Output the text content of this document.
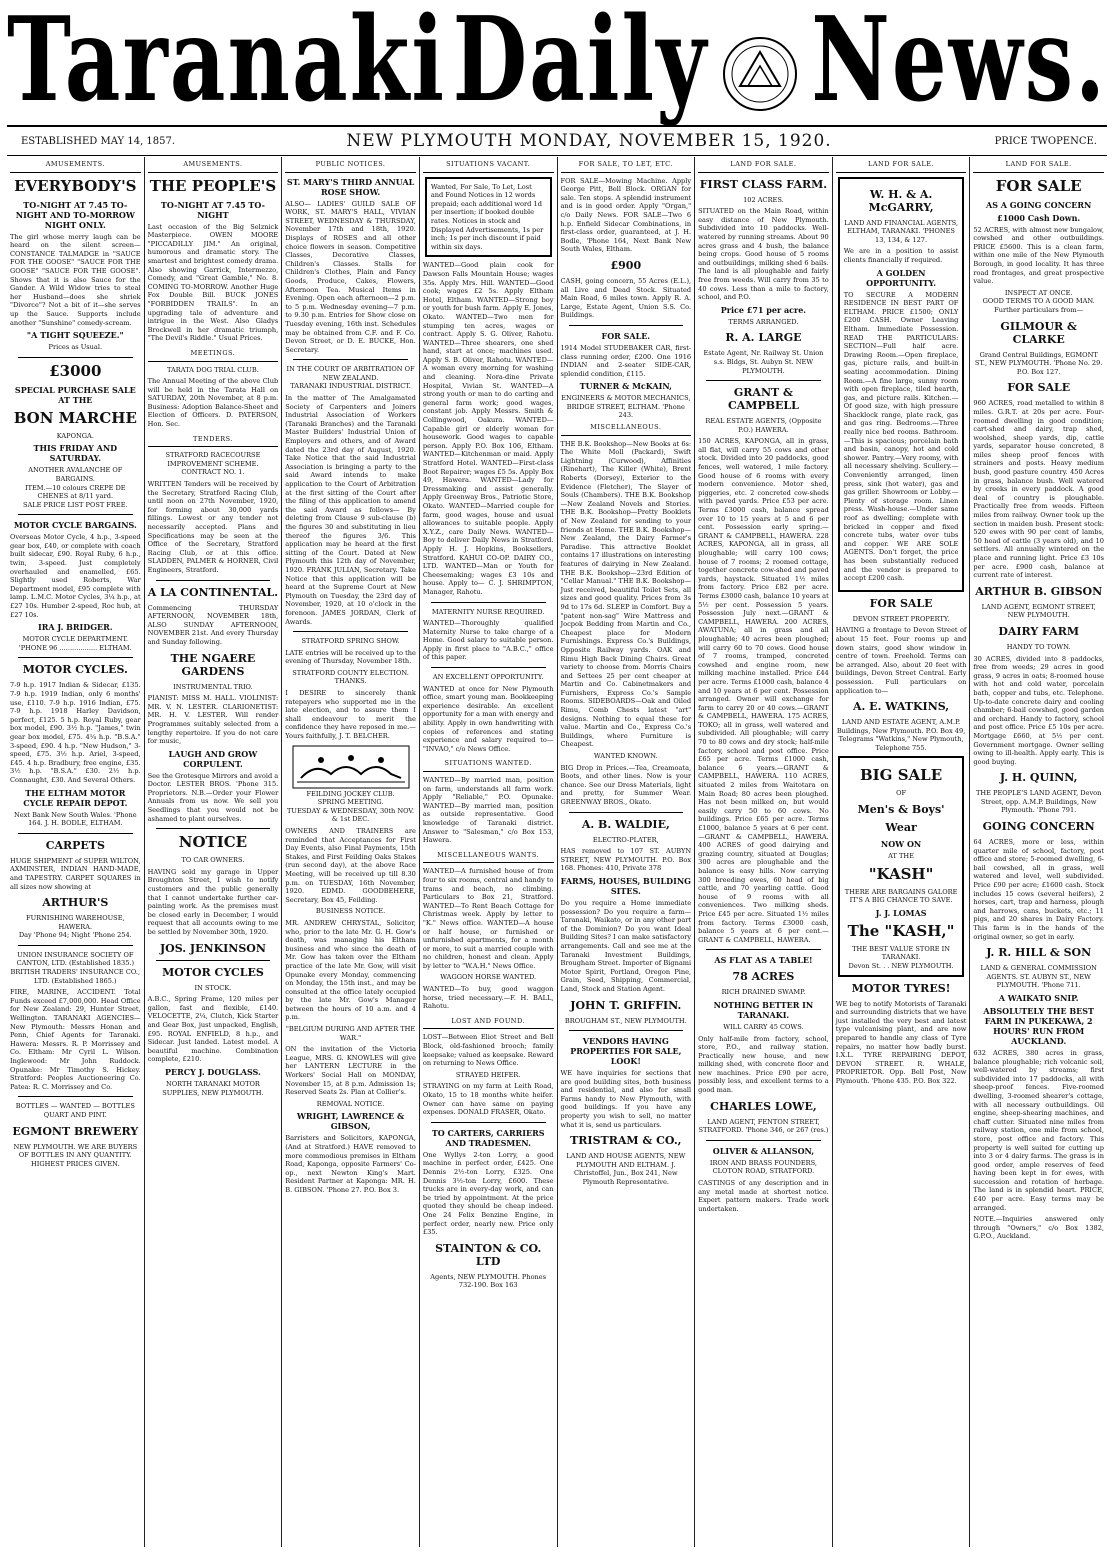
Taranaki Daily News.
ESTABLISHED MAY 14, 1857.	NEW PLYMOUTH MONDAY, NOVEMBER 15, 1920.	PRICE TWOPENCE.
AMUSEMENTS.
EVERYBODY'S
TO-NIGHT AT 7.45 TO-NIGHT AND TO-MORROW NIGHT ONLY.
The girl whose merry laugh can be heard on the silent screen— CONSTANCE TALMADGE in "SAUCE FOR THE GOOSE" "SAUCE FOR THE GOOSE" "SAUCE FOR THE GOOSE". Shows that it is also Sauce for the Gander. A Wild Widow tries to steal her Husband—does she shriek "Divorce"? Not a bit of it—she serves up the Sauce. Supports include another "Sunshine" comedy-scream.
"A TIGHT SQUEEZE."
Prices as Usual.
£3000
SPECIAL PURCHASE SALE AT THE
BON MARCHE
KAPONGA.
THIS FRIDAY AND SATURDAY.
ANOTHER AVALANCHE OF BARGAINS.
ITEM.—10 colours CREPE DE CHENES at 8/11 yard.
SALE PRICE LIST POST FREE.
MOTOR CYCLE BARGAINS.
Overseas Motor Cycle, 4 h.p., 3-speed gear box, £40, or complete with coach built sidecar, £90. Royal Ruby, 6 h.p., twin, 3-speed. Just completely overhauled and enamelled, £65. Slightly used Roberts, War Department model, £95 complete with lamp. L.M.C. Motor Cycles, 3¼ h.p., at £27 10s. Humber 2-speed, Roc hub, at £27 10s.
IRA J. BRIDGER.
MOTOR CYCLE DEPARTMENT. 'PHONE 96 .................. ELTHAM.
MOTOR CYCLES.
7-9 h.p. 1917 Indian & Sidecar, £135. 7-9 h.p. 1919 Indian, only 6 months' use, £110. 7-9 h.p. 1916 Indian, £75. 7-9 h.p. 1918 Harley Davidson, perfect, £125. 5 h.p. Royal Ruby, gear box model, £90. 3½ h.p. "James," twin gear box model, £75. 4¼ h.p. "B.S.A." 3-speed, £90. 4 h.p. "New Hudson," 3-speed, £75. 3½ h.p. Ariel, 3-speed, £45. 4 h.p. Bradbury, free engine, £35. 3½ h.p. "B.S.A." £30. 2½ h.p. Connaught, £30. And Several Others.
THE ELTHAM MOTOR CYCLE REPAIR DEPOT.
Next Bank New South Wales. 'Phone 164. J. H. BODLE, ELTHAM.
CARPETS
HUGE SHIPMENT of SUPER WILTON, AXMINSTER, INDIAN HAND-MADE, and TAPESTRY. CARPET SQUARES in all sizes now showing at
ARTHUR'S
FURNISHING WAREHOUSE, HAWERA.
Day 'Phone 94; Night 'Phone 254.
UNION INSURANCE SOCIETY OF CANTON, LTD. (Established 1835.)
BRITISH TRADERS' INSURANCE CO., LTD. (Established 1865.)
FIRE, MARINE, ACCIDENT. Total Funds exceed £7,000,000. Head Office for New Zealand: 29, Hunter Street, Wellington. TARANAKI AGENCIES— New Plymouth: Messrs Honan and Penn, Chief Agents for Taranaki. Hawera: Messrs. R. P. Morrissey and Co. Eltham: Mr Cyril L. Wilson. Inglewood: Mr John Ruddock. Opunake: Mr Timothy S. Hickey. Stratford: Peoples Auctioneering Co. Patea: R. C. Morrissey and Co.
BOTTLES — WANTED — BOTTLES QUART AND PINT.
EGMONT BREWERY
NEW PLYMOUTH. WE ARE BUYERS OF BOTTLES IN ANY QUANTITY. HIGHEST PRICES GIVEN.
AMUSEMENTS.
THE PEOPLE'S
TO-NIGHT AT 7.45 TO-NIGHT
Last occasion of the Big Selznick Masterpiece. OWEN MOORE "PICCADILLY JIM." An original, humorous and dramatic story. The smartest and brightest comedy drama. Also showing Garrick, Intermezzo, Comedy, and "Great Gamble," No. 8. COMING TO-MORROW. Another Huge Fox Double Bill. BUCK JONES "FORBIDDEN TRAILS". In an upgrading tale of adventure and intrigue in the West. Also Gladys Brockwell in her dramatic triumph, "The Devil's Riddle." Usual Prices.
MEETINGS.
TARATA DOG TRIAL CLUB.
The Annual Meeting of the above Club will be held in the Tarata Hall on SATURDAY, 20th November, at 8 p.m. Business: Adoption Balance-Sheet and Election of Officers. D. PATERSON, Hon. Sec.
TENDERS.
STRATFORD RACECOURSE IMPROVEMENT SCHEME.
CONTRACT NO. 1.
WRITTEN Tenders will be received by the Secretary, Stratford Racing Club, until noon on 27th November, 1920, for forming about 30,000 yards fillings. Lowest or any tender not necessarily accepted. Plans and Specifications may be seen at the Office of the Secretary, Stratford Racing Club, or at this office. SLADDEN, PALMER & HORNER, Civil Engineers, Stratford.
A LA CONTINENTAL.
Commencing THURSDAY AFTERNOON, NOVEMBER 18th, ALSO SUNDAY AFTERNOON, NOVEMBER 21st. And every Thursday and Sunday following.
THE NGAERE GARDENS
INSTRUMENTAL TRIO.
PIANIST: MISS M. HALL. VIOLINIST: MR. V. N. LESTER. CLARIONETIST: MR. H. V. LESTER. Will render Programmes suitably selected from a lengthy repertoire. If you do not care for music,
LAUGH AND GROW CORPULENT.
See the Grotesque Mirrors and avoid a Doctor. LESTER BROS. 'Phone 315. Proprietors. N.B.—Order your Flower Annuals from us now. We sell you Seedlings that you would not be ashamed to plant ourselves.
NOTICE
TO CAR OWNERS.
HAVING sold my garage in Upper Broughton Street, I wish to notify customers and the public generally that I cannot undertake further car-painting work. As the premises must be closed early in December, I would request that all accounts owing to me be settled by November 30th, 1920.
JOS. JENKINSON
MOTOR CYCLES
IN STOCK.
A.B.C., Spring Frame, 120 miles per gallon, fast and flexible, £140. VELOCETTE, 2¼, Clutch, Kick Starter and Gear Box, just unpacked, English, £95. ROYAL ENFIELD, 8 h.p., and Sidecar. Just landed. Latest model. A beautiful machine. Combination complete, £210.
PERCY J. DOUGLASS.
NORTH TARANAKI MOTOR SUPPLIES, NEW PLYMOUTH.
PUBLIC NOTICES.
ST. MARY'S THIRD ANNUAL ROSE SHOW.
ALSO— LADIES' GUILD SALE OF WORK, ST. MARY'S HALL, VIVIAN STREET, WEDNESDAY & THURSDAY, November 17th and 18th, 1920. Displays of ROSES and all other choice flowers in season. Competitive Classes, Decorative Classes, Children's Classes. Stalls for Children's Clothes, Plain and Fancy Goods, Produce, Cakes, Flowers, Afternoon Tea. Musical Items in Evening. Open each afternoon—2 p.m. to 5 p.m. Wednesday evening—7 p.m. to 9.30 p.m. Entries for Show close on Tuesday evening, 16th inst. Schedules may be obtained from C.F. and F. Co. Devon Street, or D. E. BUCKE, Hon. Secretary.
IN THE COURT OF ARBITRATION OF NEW ZEALAND.
TARANAKI INDUSTRIAL DISTRICT.
In the matter of The Amalgamated Society of Carpenters and Joiners Industrial Association of Workers (Taranaki Branches) and the Taranaki Master Builders' Industrial Union of Employers and others, and of Award dated the 23rd day of August, 1920. Take Notice that the said Industrial Association is bringing a party to the said Award intends to make application to the Court of Arbitration at the first sitting of the Court after the filing of this application to amend the said Award as follows— By deleting from Clause 9 sub-clause (b) the figures 30 and substituting in lieu thereof the figures 3/6. This application may be heard at the first sitting of the Court. Dated at New Plymouth this 12th day of November, 1920. FRANK JULIAN, Secretary. Take Notice that this application will be heard at the Supreme Court at New Plymouth on Tuesday, the 23rd day of November, 1920, at 10 o'clock in the forenoon. JAMES JORDAN, Clerk of Awards.
STRATFORD SPRING SHOW.
LATE entries will be received up to the evening of Thursday, November 18th.
STRATFORD COUNTY ELECTION.
THANKS.
I DESIRE to sincerely thank ratepayers who supported me in the late election, and to assure them I shall endeavour to merit the confidence they have reposed in me.—Yours faithfully, J. T. BELCHER.
FEILDING JOCKEY CLUB.
SPRING MEETING.
TUESDAY & WEDNESDAY, 30th NOV. & 1st DEC.
OWNERS AND TRAINERS are reminded that Acceptances for First Day Events, also Final Payments, 15th Stakes, and First Feilding Oaks Stakes (run second day), at the above Race Meeting, will be received up till 8.30 p.m. on TUESDAY, 16th November, 1920. EDMD. GOODBEHERE, Secretary, Box 45, Feilding.
BUSINESS NOTICE.
MR. ANDREW CHRYSTAL, Solicitor, who, prior to the late Mr. G. H. Gow's death, was managing his Eltham business and who since the death of Mr. Gow has taken over the Eltham practice of the late Mr. Gow, will visit Opunake every Monday, commencing on Monday, the 15th inst., and may be consulted at the office lately occupied by the late Mr. Gow's Manager between the hours of 10 a.m. and 4 p.m.
"BELGIUM DURING AND AFTER THE WAR."
ON the invitation of the Victoria League, MRS. G. KNOWLES will give her LANTERN LECTURE in the Workers' Social Hall on MONDAY, November 15, at 8 p.m. Admission 1s; Reserved Seats 2s. Plan at Collier's.
REMOVAL NOTICE.
WRIGHT, LAWRENCE & GIBSON,
Barristers and Solicitors, KAPONGA, (And at Stratford.) HAVE removed to more commodious premises in Eltham Road, Kaponga, opposite Farmers' Co-op., next Newton King's Mart. Resident Partner at Kaponga: MR. H. B. GIBSON. 'Phone 27. P.O. Box 3.
SITUATIONS VACANT.
Wanted, For Sale, To Let, Lost and Found Notices in 12 words prepaid; each additional word 1d per insertion; if booked double rates. Notices in stock and Displayed Advertisements, 1s per inch; 1s per inch discount if paid within six days.
WANTED—Good plain cook for Dawson Falls Mountain House; wages 35s. Apply Mrs. Hill. WANTED—Good cook; wages £2 5s. Apply Eltham Hotel, Eltham. WANTED—Strong boy or youth for bush farm. Apply E. Jones, Okato. WANTED—Two men for stumping ten acres, wages or contract. Apply S. G. Oliver, Rahotu. WANTED—Three shearers, one shed hand, start at once; machines used. Apply S. B. Oliver, Rahotu. WANTED—A woman every morning for washing and cleaning. Nora-dine Private Hospital, Vivian St. WANTED—A strong youth or man to do carting and general farm work; good wages, constant job. Apply Messrs. Smith & Collingwood, Oakura. WANTED—Capable girl or elderly woman for housework. Good wages to capable person. Apply P.O. Box 106, Eltham. WANTED—Kitchenman or maid. Apply Stratford Hotel. WANTED—First-class Boot Repairer; wages £5 5s. Apply Box 49, Hawera. WANTED—Lady for Dressmaking and assist generally. Apply Greenway Bros., Patriotic Store, Okato. WANTED—Married couple for farm, good wages, house and usual allowances to suitable people. Apply X.Y.Z., care Daily News. WANTED—Boy to deliver Daily News in Stratford. Apply H. J. Hopkins, Booksellers, Stratford. KAHUI CO-OP. DAIRY CO., LTD. WANTED—Man or Youth for Cheesemaking; wages £3 10s and house. Apply to— C. J. SHRIMPTON, Manager, Rahotu.
MATERNITY NURSE REQUIRED.
WANTED—Thoroughly qualified Maternity Nurse to take charge of a Home. Good salary to suitable person. Apply in first place to "A.B.C.," office of this paper.
AN EXCELLENT OPPORTUNITY.
WANTED at once for New Plymouth office, smart young man. Bookkeeping experience desirable. An excellent opportunity for a man with energy and ability. Apply in own handwriting with copies of references and stating experience and salary required to— "INVAO," c/o News Office.
SITUATIONS WANTED.
WANTED—By married man, position on farm, understands all farm work. Apply "Reliable," P.O. Opunake. WANTED—By married man, position as outside representative. Good knowledge of Taranaki district. Answer to "Salesman," c/o Box 153, Hawera.
MISCELLANEOUS WANTS.
WANTED—A furnished house of from four to six rooms, central and handy to trams and beach, no climbing. Particulars to Box 21, Stratford. WANTED—To Rent Beach Cottage for Christmas week. Apply by letter to "K." News office. WANTED—A house or half house, or furnished or unfurnished apartments, for a month or more, to suit a married couple with no children, honest and clean. Apply by letter to "W.A.H." News Office.
WAGGON HORSE WANTED.
WANTED—To buy, good waggon horse, tried necessary.—F. H. BALL, Rahotu.
LOST AND FOUND.
LOST—Between Eliot Street and Bell Block, old-fashioned brooch; family keepsake; valued as keepsake. Reward on returning to News Office.
STRAYED HEIFER.
STRAYING on my farm at Leith Road, Okato, 15 to 18 months white heifer. Owner can have same on paying expenses. DONALD FRASER, Okato.
TO CARTERS, CARRIERS AND TRADESMEN.
One Wyllys 2-ton Lorry, a good machine in perfect order, £425. One Dennis 2½-ton Lorry, £325. One Dennis 3½-ton Lorry, £600. These trucks are in every-day work, and can be tried by appointment. At the price quoted they should be cheap indeed. One 24 Felix Benzine Engine, in perfect order, nearly new. Price only £35.
STAINTON & CO. LTD
Agents, NEW PLYMOUTH. Phones 732-190. Box 163
FOR SALE, TO LET, ETC.
FOR SALE—Mowing Machine. Apply George Pitt, Bell Block. ORGAN for sale. Ten stops. A splendid instrument and is in good order. Apply "Organ," c/o Daily News. FOR SALE—Two 6 h.p. Enfield Sidecar Combinations, in first-class order, guaranteed, at J. H. Bodle, 'Phone 164, Next Bank New South Wales, Eltham.
£900
CASH, going concern, 55 Acres (E.L.), all Live and Dead Stock. Situated Main Road, 6 miles town. Apply R. A. Large, Estate Agent, Union S.S. Co. Buildings.
FOR SALE.
1914 Model STUDEBAKER CAR, first-class running order, £200. One 1916 INDIAN and 2-seater SIDE-CAR, splendid condition, £115.
TURNER & McKAIN,
ENGINEERS & MOTOR MECHANICS, BRIDGE STREET, ELTHAM. 'Phone 243.
MISCELLANEOUS.
THE B.K. Bookshop—New Books at 6s: The White Moll (Packard), Swift Lightning (Curwood), Affinities (Rinehart), The Killer (White), Brent Roberts (Dorsey), Exterior to the Evidence (Fletcher), The Slayer of Souls (Chambers). THE B.K. Bookshop—New Zealand Novels and Stories. THE B.K. Bookshop—Pretty Booklets of New Zealand for sending to your friends at Home. THE B.K. Bookshop—New Zealand, the Dairy Farmer's Paradise. This attractive Booklet contains 17 illustrations on interesting features of dairying in New Zealand. THE B.K. Bookshop—23rd Edition of "Cellar Manual." THE B.K. Bookshop—Just received, beautiful Toilet Sets, all sizes and good quality. Prices from 3s 9d to 17s 6d. SLEEP in Comfort. Buy a "patent non-sag" Wire Mattress and Jocpok Bedding from Martin and Co., Cheapest place for Modern Furnishings. Express Co.'s Buildings, Opposite Railway yards. OAK and Rimu High Back Dining Chairs. Great variety to choose from. Morris Chairs and Settees 25 per cent cheaper at Martin and Co. Cabinetmakers and Furnishers, Express Co.'s Sample Rooms. SIDEBOARDS—Oak and Oiled Rimu, Comb Chests latest "art" designs. Nothing to equal these for value. Martin and Co., Express Co.'s Buildings, where Furniture is Cheapest.
WANTED KNOWN.
BIG Drop in Prices.—Tea, Creamoata, Boots, and other lines. Now is your chance. See our Dress Materials, light and pretty, for Summer Wear. GREENWAY BROS., Okato.
A. B. WALDIE,
ELECTRO-PLATER,
HAS removed to 107 ST. AUBYN STREET, NEW PLYMOUTH. P.O. Box 168. Phones: 410, Private 378
FARMS, HOUSES, BUILDING SITES.
Do you require a Home immediate possession? Do you require a farm—Taranaki, Waikato, or in any other part of the Dominion? Do you want Ideal Building Sites? I can make satisfactory arrangements. Call and see me at the Taranaki Investment Buildings, Brougham Street. Importer of Bignami Motor Spirit, Portland, Oregon Pine, Grain, Seed, Shipping, Commercial, Land, Stock and Station Agent.
JOHN T. GRIFFIN.
BROUGHAM ST., NEW PLYMOUTH.
VENDORS HAVING PROPERTIES FOR SALE, LOOK!
WE have inquiries for sections that are good building sites, both business and residential, and also for small Farms handy to New Plymouth, with good buildings. If you have any property you wish to sell, no matter what it is, send us particulars.
TRISTRAM & CO.,
LAND AND HOUSE AGENTS, NEW PLYMOUTH AND ELTHAM. J. Christoffel, Jun., Box 241, New Plymouth Representative.
LAND FOR SALE.
FIRST CLASS FARM.
102 ACRES.
SITUATED on the Main Road, within easy distance of New Plymouth. Subdivided into 10 paddocks. Well-watered by running streams. About 90 acres grass and 4 bush, the balance being crops. Good house of 5 rooms and outbuildings, milking shed 6 bails. The land is all ploughable and fairly free from weeds. Will carry from 35 to 40 cows. Less than a mile to factory, school, and P.O.
Price £71 per acre.
TERMS ARRANGED.
R. A. LARGE
Estate Agent, Nr. Railway St. Union s.s. Bldgs, St. Aubyn St. NEW PLYMOUTH.
GRANT & CAMPBELL
REAL ESTATE AGENTS, (Opposite P.O.) HAWERA.
150 ACRES, KAPONGA, all in grass, all flat, will carry 55 cows and other stock. Divided into 20 paddocks, good fences, well watered, 1 mile factory. Good house of 6 rooms with every modern convenience. Motor shed, piggeries, etc. 2 concreted cow-sheds with paved yards. Price £53 per acre. Terms £3000 cash, balance spread over 10 to 15 years at 5 and 6 per cent. Possession early spring.—GRANT & CAMPBELL, HAWERA. 228 ACRES, KAPONGA, all in grass, all ploughable; will carry 100 cows; house of 7 rooms; 2 roomed cottage, together concrete cow-shed and paved yards, haystack. Situated 1½ miles from factory. Price £82 per acre. Terms £3000 cash, balance 10 years at 5½ per cent. Possession 5 years. Possession July next.—GRANT & CAMPBELL, HAWERA. 200 ACRES, AWATUNA; all in grass and all ploughable; 40 acres been ploughed; will carry 60 to 70 cows. Good house of 7 rooms, tramped, concreted cowshed and engine room, new milking machine installed. Price £44 per acre. Terms £1000 cash, balance 4 and 10 years at 6 per cent. Possession arranged. Owner will exchange for farm to carry 20 or 40 cows.—GRANT & CAMPBELL, HAWERA. 175 ACRES, TOKO; all in grass, well watered and subdivided. All ploughable; will carry 70 to 80 cows and dry stock; half-mile factory, school and post office. Price £65 per acre. Terms £1000 cash, balance 6 years.—GRANT & CAMPBELL, HAWERA. 110 ACRES, situated 2 miles from Waitotara on Main Road; 80 acres been ploughed. Has not been milked on, but would easily carry 50 to 60 cows. No buildings. Price £65 per acre. Terms £1000, balance 5 years at 6 per cent.—GRANT & CAMPBELL, HAWERA. 400 ACRES of good dairying and grazing country, situated at Douglas; 300 acres are ploughable and the balance is easy hills. Now carrying 300 breeding ewes, 60 head of big cattle, and 70 yearling cattle. Good house of 9 rooms with all conveniences. Two milking sheds. Price £45 per acre. Situated 1½ miles from factory. Terms £3000 cash, balance 5 years at 6 per cent.—GRANT & CAMPBELL, HAWERA.
AS FLAT AS A TABLE!
78 ACRES
RICH DRAINED SWAMP.
NOTHING BETTER IN TARANAKI.
WILL CARRY 45 COWS.
Only half-mile from factory, school, store, P.O., and railway station. Practically new house, and new milking shed, with concrete floor and new machines. Price £90 per acre, possibly less, and excellent terms to a good man.
CHARLES LOWE,
LAND AGENT, FENTON STREET, STRATFORD. 'Phone 346, or 267 (res.)
OLIVER & ALLANSON,
IRON AND BRASS FOUNDERS, CLOTON ROAD, STRATFORD.
CASTINGS of any description and in any metal made at shortest notice. Expert pattern makers. Trade work undertaken.
LAND FOR SALE.
W. H. & A. McGARRY,
LAND AND FINANCIAL AGENTS, ELTHAM, TARANAKI. 'PHONES 13, 134, & 127.
We are in a position to assist clients financially if required.
A GOLDEN OPPORTUNITY.
TO SECURE A MODERN RESIDENCE IN BEST PART OF ELTHAM. PRICE £1500; ONLY £200 CASH. Owner Leaving Eltham. Immediate Possession. READ THE PARTICULARS: SECTION—Full half acre. Drawing Room.—Open fireplace, gas, picture rails, and built-in seating accommodation. Dining Room.—A fine large, sunny room with open fireplace, tiled hearth, gas, and picture rails. Kitchen.—Of good size, with high pressure Shacklock range, plate rack, gas and gas ring. Bedrooms.—Three really nice bed rooms. Bathroom.—This is spacious; porcelain bath and basin, canopy, hot and cold shower. Pantry.—Very roomy, with all necessary shelving. Scullery.—Conveniently arranged, linen press, sink (hot water), gas and gas griller. Showroom or Lobby.—Plenty of storage room. Linen press. Wash-house.—Under same roof as dwelling; complete with bricked in copper and fixed concrete tubs, water over tubs and copper. WE ARE SOLE AGENTS. Don't forget, the price has been substantially reduced and the vendor is prepared to accept £200 cash.
FOR SALE
DEVON STREET PROPERTY.
HAVING a frontage to Devon Street of about 15 feet. Four rooms up and down stairs, good show window in centre of town. Freehold. Terms can be arranged. Also, about 20 feet with buildings, Devon Street Central. Early possession. Full particulars on application to—
A. E. WATKINS,
LAND AND ESTATE AGENT, A.M.P. Buildings, New Plymouth. P.O. Box 49, Telegrams "Watkins," New Plymouth, Telephone 755.
BIG SALE
OF
Men's & Boys'
Wear
NOW ON
AT THE
"KASH"
THERE ARE BARGAINS GALORE
IT'S A BIG CHANCE TO SAVE.
J. J. LOMAS
The "KASH,"
THE BEST VALUE STORE IN TARANAKI.
Devon St. . . NEW PLYMOUTH.
MOTOR TYRES!
WE beg to notify Motorists of Taranaki and surrounding districts that we have just installed the very best and latest type vulcanising plant, and are now prepared to handle any class of Tyre repairs, no matter how badly burst. I.X.L. TYRE REPAIRING DEPOT, DEVON STREET. R. WHALE, PROPRIETOR. Opp. Bell Post, New Plymouth. 'Phone 435. P.O. Box 322.
LAND FOR SALE.
FOR SALE
AS A GOING CONCERN
£1000 Cash Down.
52 ACRES, with almost new bungalow, cowshed and other outbuildings. PRICE £5600. This is a clean farm, within one mile of the New Plymouth Borough, in good locality. It has three road frontages, and great prospective value.
INSPECT AT ONCE.
GOOD TERMS TO A GOOD MAN.
Further particulars from—
GILMOUR & CLARKE
Grand Central Buildings, EGMONT ST., NEW PLYMOUTH. 'Phone No. 29. P.O. Box 127.
FOR SALE
960 ACRES, road metalled to within 8 miles. G.R.T. at 20s per acre. Four-roomed dwelling in good condition; cart-shed and dairy, trap shed, woolshed, sheep yards, dip, cattle yards, separator house concreted, 8 miles sheep proof fences with strainers and posts. Heavy medium bush, good pasture country. 450 Acres in grass, balance bush. Well watered by creeks in every paddock. A good deal of country is ploughable. Practically free from weeds. Fifteen miles from railway. Owner took up the section in maiden bush. Present stock: 520 ewes with 90 per cent of lambs, 50 head of cattle (3 years old), and 10 settlers. All annually wintered on the place and running light. Price £3 10s per acre. £900 cash, balance at current rate of interest.
ARTHUR B. GIBSON
LAND AGENT, EGMONT STREET, NEW PLYMOUTH.
DAIRY FARM
HANDY TO TOWN.
30 ACRES, divided into 8 paddocks, free from weeds; 29 acres in good grass, 9 acres in oats; 8-roomed house with hot and cold water, porcelain bath, copper and tubs, etc. Telephone. Up-to-date concrete dairy and cooling chamber; 6-bail cowshed, good garden and orchard. Handy to factory, school and post office. Price £5 10s per acre. Mortgage £660, at 5½ per cent. Government mortgage. Owner selling owing to ill-health. Apply early. This is good buying.
J. H. QUINN,
THE PEOPLE'S LAND AGENT, Devon Street, opp. A.M.P. Buildings, New Plymouth. 'Phone 791.
GOING CONCERN
64 ACRES, more or less, within quarter mile of school, factory, post office and store; 5-roomed dwelling, 6-bail cowshed, all in grass, well watered and level, well subdivided. Price £90 per acre; £1600 cash. Stock includes 15 cows (several heifers), 2 horses, cart, trap and harness, plough and harrows, cans, buckets, etc.; 11 pigs, and 20 shares in Dairy Factory. This farm is in the hands of the original owner, so get in early.
J. R. HILL & SON
LAND & GENERAL COMMISSION AGENTS. ST. AUBYN ST., NEW PLYMOUTH. 'Phone 711.
A WAIKATO SNIP.
ABSOLUTELY THE BEST FARM IN PUKEKAWA, 2 HOURS' RUN FROM AUCKLAND.
632 ACRES, 380 acres in grass, balance ploughable; rich volcanic soil, well-watered by streams; first subdivided into 17 paddocks, all with sheep-proof fences. Five-roomed dwelling, 3-roomed shearer's cottage, with all necessary outbuildings. Oil engine, sheep-shearing machines, and chaff cutter. Situated nine miles from railway station, one mile from school, store, post office and factory. This property is well suited for cutting up into 3 or 4 dairy farms. The grass is in good order, ample reserves of feed having been kept in for ewes, with succession and rotation of herbage. The land is in splendid heart. PRICE, £40 per acre. Easy terms may be arranged.
NOTE.—Inquiries answered only through "Owners," c/o Box 1382, G.P.O., Auckland.
